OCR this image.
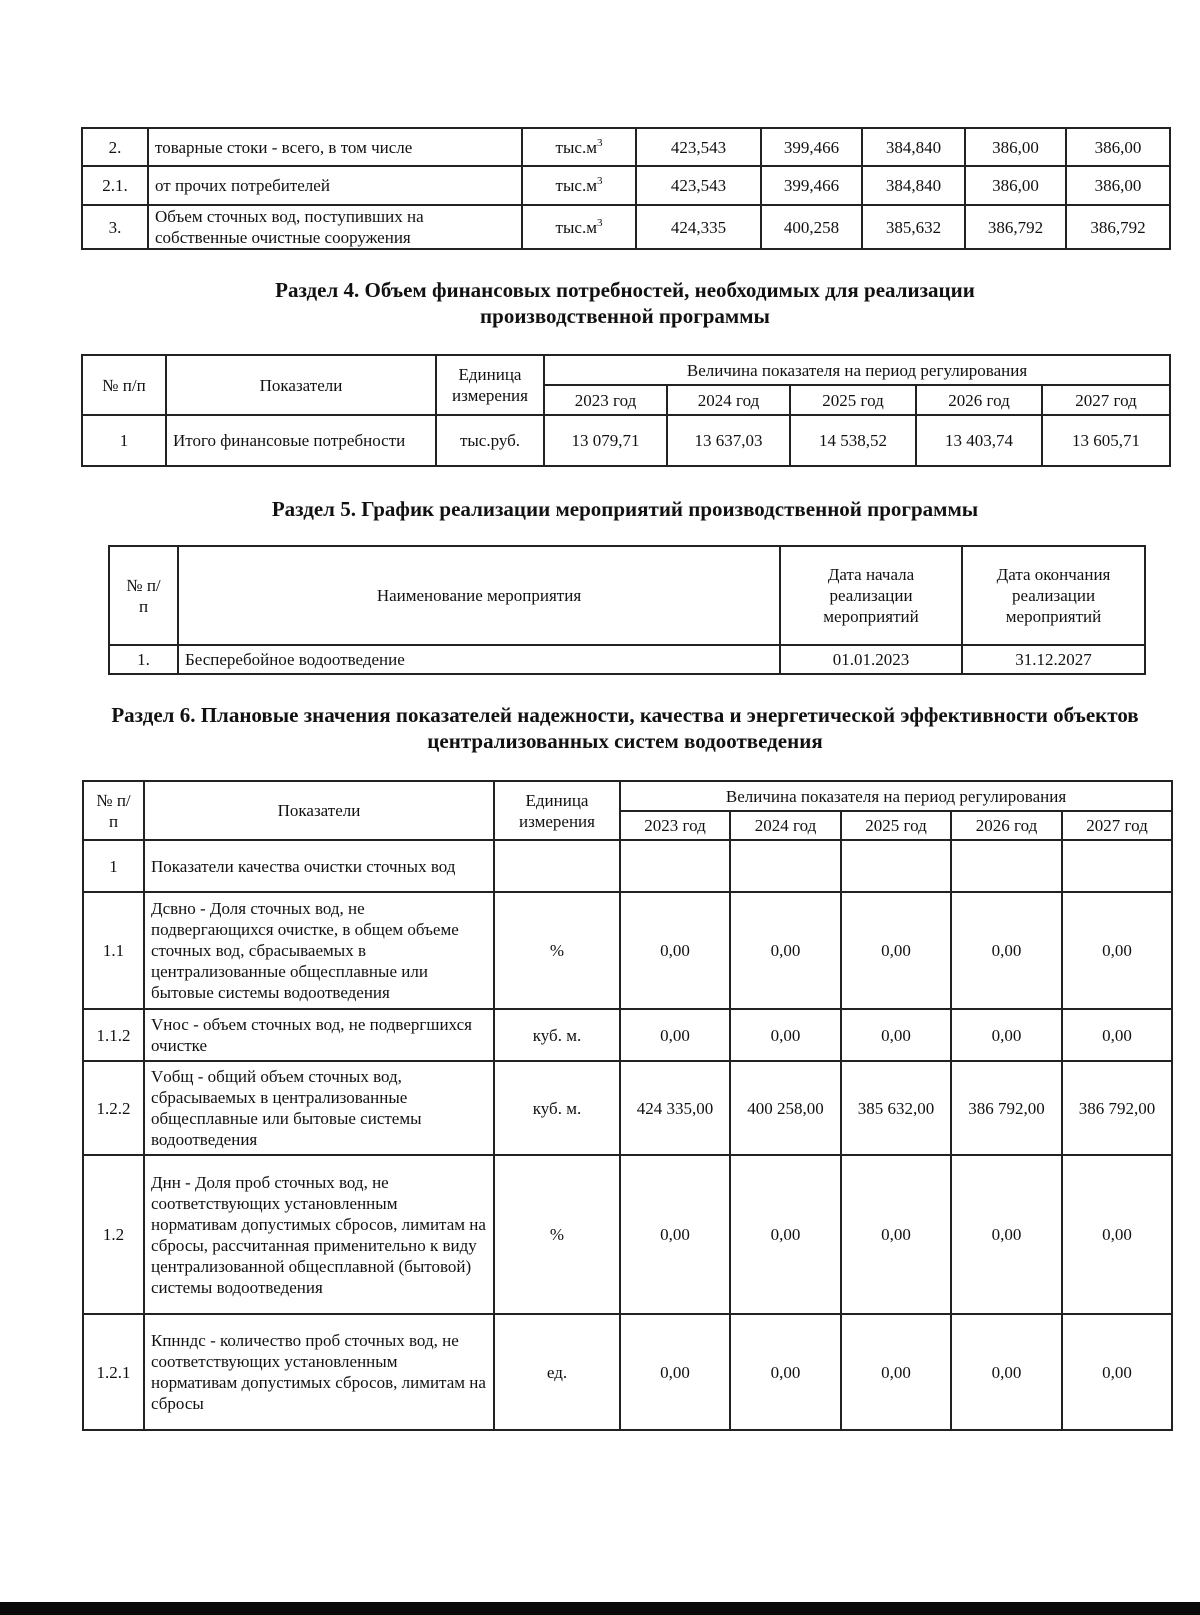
2.	товарные стоки - всего, в том числе	$тыс.м^3$	423,543	399,466	384,840	386,00	386,00
2.1.	от прочих потребителей	$тыс.м^3$	423,543	399,466	384,840	386,00	386,00
3.	Объем сточных вод, поступивших на собственные очистные сооружения	$тыс.м^3$	424,335	400,258	385,632	386,792	386,792
Раздел 4. Объем финансовых потребностей, необходимых для реализации производственной программы
№ п/п	Показатели	Единица измерения	Величина показателя на период регулирования				
			2023 год	2024 год	2025 год	2026 год	2027 год
1	Итого финансовые потребности	тыс.руб.	13 079,71	13 637,03	14 538,52	13 403,74	13 605,71
Раздел 5. График реализации мероприятий производственной программы
№ п/п	Наименование мероприятия	Дата начала реализации мероприятий	Дата окончания реализации мероприятий
1.	Бесперебойное водоотведение	01.01.2023	31.12.2027
Раздел 6. Плановые значения показателей надежности, качества и энергетической эффективности объектов централизованных систем водоотведения
№ п/п	Показатели	Единица измерения	Величина показателя на период регулирования				
			2023 год	2024 год	2025 год	2026 год	2027 год
1	Показатели качества очистки сточных вод						
1.1	Дсвно - Доля сточных вод, не подвергающихся очистке, в общем объеме сточных вод, сбрасываемых в централизованные общесплавные или бытовые системы водоотведения	%	0,00	0,00	0,00	0,00	0,00
1.1.2	Vнос - объем сточных вод, не подвергшихся очистке	куб. м.	0,00	0,00	0,00	0,00	0,00
1.2.2	Vобщ - общий объем сточных вод, сбрасываемых в централизованные общесплавные или бытовые системы водоотведения	куб. м.	424 335,00	400 258,00	385 632,00	386 792,00	386 792,00
1.2	Днн - Доля проб сточных вод, не соответствующих установленным нормативам допустимых сбросов, лимитам на сбросы, рассчитанная применительно к виду централизованной общесплавной (бытовой) системы водоотведения	%	0,00	0,00	0,00	0,00	0,00
1.2.1	Кпнндс - количество проб сточных вод, не соответствующих установленным нормативам допустимых сбросов, лимитам на сбросы	ед.	0,00	0,00	0,00	0,00	0,00
